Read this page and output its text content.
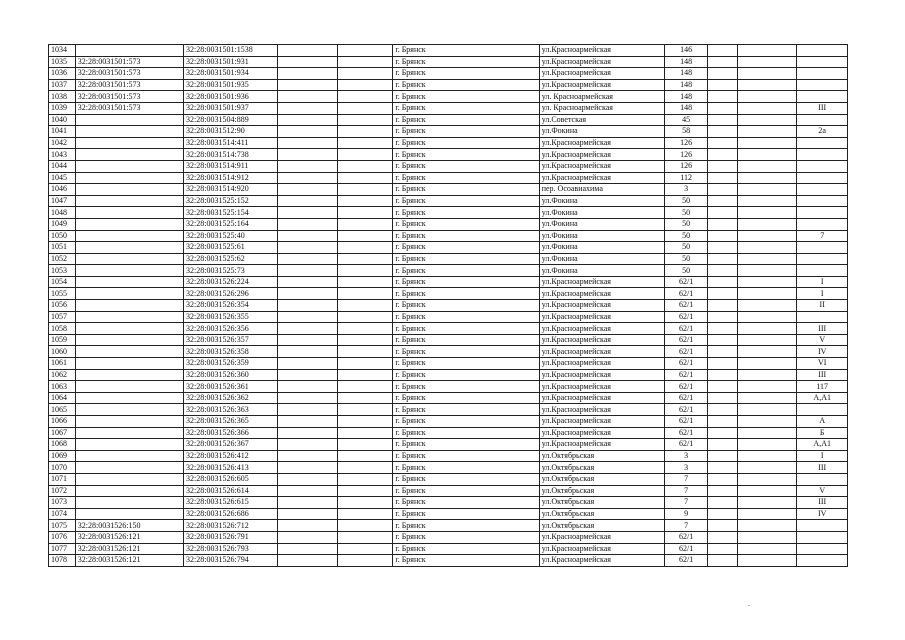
1034		32:28:0031501:1538			г. Брянск	ул.Красноармейская	146			
1035	32:28:0031501:573	32:28:0031501:931			г. Брянск	ул.Красноармейская	148			
1036	32:28:0031501:573	32:28:0031501:934			г. Брянск	ул.Красноармейская	148			
1037	32:28:0031501:573	32:28:0031501:935			г. Брянск	ул.Красноармейская	148			
1038	32:28:0031501:573	32:28:0031501:936			г. Брянск	ул. Красноармейская	148			
1039	32:28:0031501:573	32:28:0031501:937			г. Брянск	ул. Красноармейская	148			III
1040		32:28:0031504:889			г. Брянск	ул.Советская	45			
1041		32:28:0031512:90			г. Брянск	ул.Фокина	58			2а
1042		32:28:0031514:411			г. Брянск	ул.Красноармейская	126			
1043		32:28:0031514:738			г. Брянск	ул.Красноармейская	126			
1044		32:28:0031514:911			г. Брянск	ул.Красноармейская	126			
1045		32:28:0031514:912			г. Брянск	ул.Красноармейская	112			
1046		32:28:0031514:920			г. Брянск	пер. Осоавиахима	3			
1047		32:28:0031525:152			г. Брянск	ул.Фокина	50			
1048		32:28:0031525:154			г. Брянск	ул.Фокина	50			
1049		32:28:0031525:164			г. Брянск	ул.Фокина	50			
1050		32:28:0031525:40			г. Брянск	ул.Фокина	50			7
1051		32:28:0031525:61			г. Брянск	ул.Фокина	50			
1052		32:28:0031525:62			г. Брянск	ул.Фокина	50			
1053		32:28:0031525:73			г. Брянск	ул.Фокина	50			
1054		32:28:0031526:224			г. Брянск	ул.Красноармейская	62/1			I
1055		32:28:0031526:296			г. Брянск	ул.Красноармейская	62/1			I
1056		32:28:0031526:354			г. Брянск	ул.Красноармейская	62/1			II
1057		32:28:0031526:355			г. Брянск	ул.Красноармейская	62/1			
1058		32:28:0031526:356			г. Брянск	ул.Красноармейская	62/1			III
1059		32:28:0031526:357			г. Брянск	ул.Красноармейская	62/1			V
1060		32:28:0031526:358			г. Брянск	ул.Красноармейская	62/1			IV
1061		32:28:0031526:359			г. Брянск	ул.Красноармейская	62/1			VI
1062		32:28:0031526:360			г. Брянск	ул.Красноармейская	62/1			III
1063		32:28:0031526:361			г. Брянск	ул.Красноармейская	62/1			117
1064		32:28:0031526:362			г. Брянск	ул.Красноармейская	62/1			А,А1
1065		32:28:0031526:363			г. Брянск	ул.Красноармейская	62/1			
1066		32:28:0031526:365			г. Брянск	ул.Красноармейская	62/1			А
1067		32:28:0031526:366			г. Брянск	ул.Красноармейская	62/1			Б
1068		32:28:0031526:367			г. Брянск	ул.Красноармейская	62/1			А,А1
1069		32:28:0031526:412			г. Брянск	ул.Октябрьская	3			I
1070		32:28:0031526:413			г. Брянск	ул.Октябрьская	3			III
1071		32:28:0031526:605			г. Брянск	ул.Октябрьская	7			
1072		32:28:0031526:614			г. Брянск	ул.Октябрьская	7			V
1073		32:28:0031526:615			г. Брянск	ул.Октябрьская	7			III
1074		32:28:0031526:686			г. Брянск	ул.Октябрьская	9			IV
1075	32:28:0031526:150	32:28:0031526:712			г. Брянск	ул.Октябрьская	7			
1076	32:28:0031526:121	32:28:0031526:791			г. Брянск	ул.Красноармейская	62/1			
1077	32:28:0031526:121	32:28:0031526:793			г. Брянск	ул.Красноармейская	62/1			
1078	32:28:0031526:121	32:28:0031526:794			г. Брянск	ул.Красноармейская	62/1			
